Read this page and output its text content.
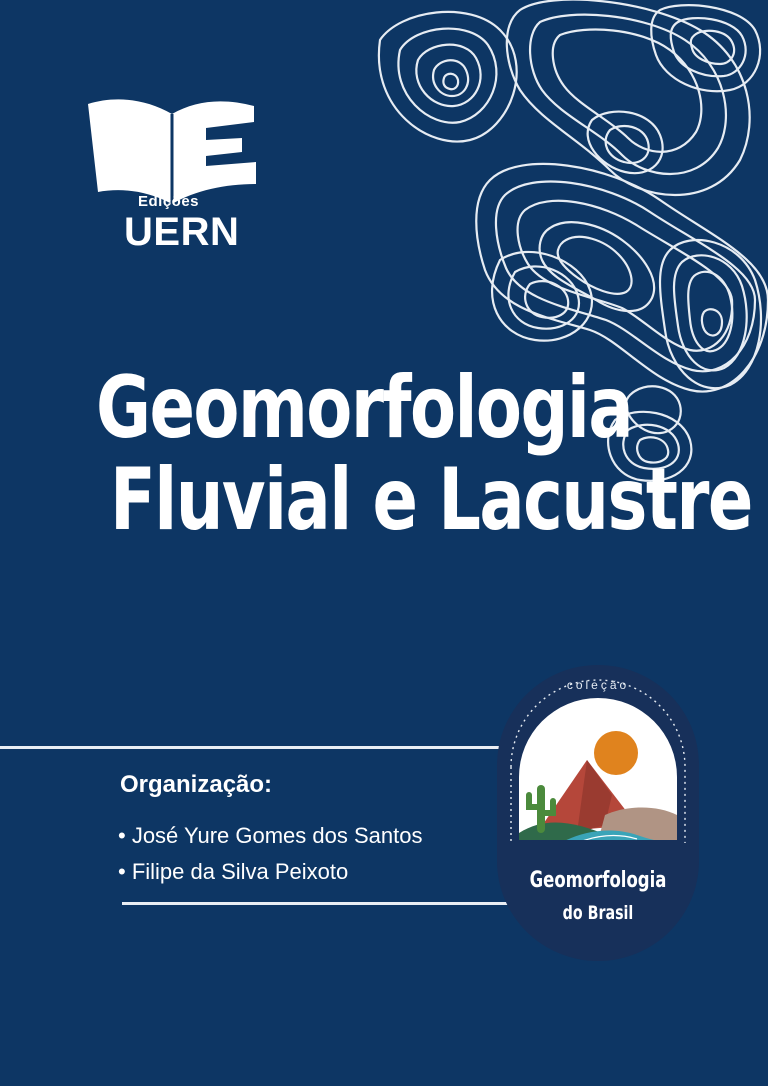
Edições
UERN
Geomorfologia
Fluvial e Lacustre
Organização:
• José Yure Gomes dos Santos
• Filipe da Silva Peixoto
coleção
Geomorfologia
do Brasil
